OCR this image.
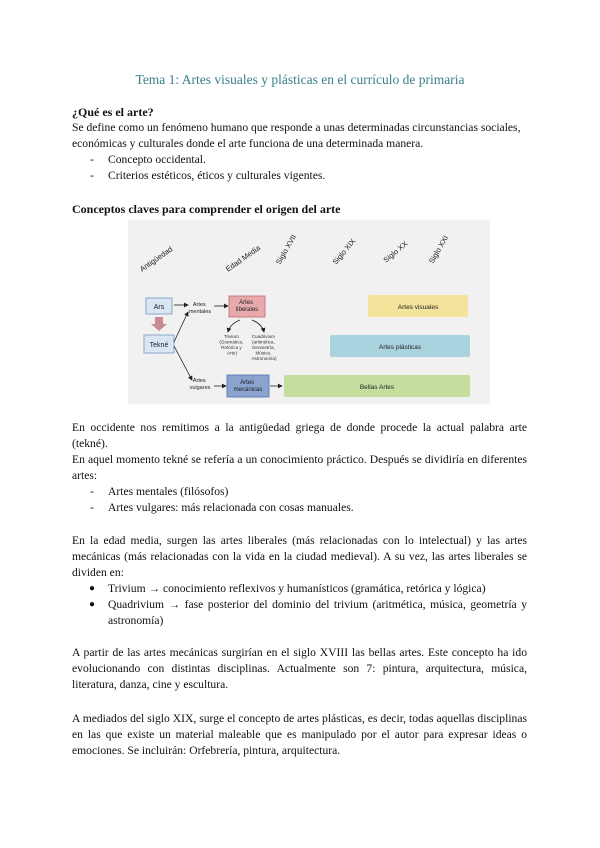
Tema 1: Artes visuales y plásticas en el currículo de primaria
¿Qué es el arte?
Se define como un fenómeno humano que responde a unas determinadas circunstancias sociales, económicas y culturales donde el arte funciona de una determinada manera.
- Concepto occidental.
- Criterios estéticos, éticos y culturales vigentes.
Conceptos claves para comprender el origen del arte
Antigüedad	Edad Media Siglo XVII	Siglo XIX	Siglo XX Siglo XXI
Ars
Tekné
Artes mentales
Artes liberales
Trivium (Gramática, Retórica y Arte)
Cuadrivium (aritmética, Geometría, Música, Astronomía)
Artes vulgares
Artes mecánicas
Artes visuales
Artes plásticas
Bellas Artes
En occidente nos remitimos a la antigüedad griega de donde procede la actual palabra arte (tekné).
En aquel momento tekné se refería a un conocimiento práctico. Después se dividiría en diferentes artes:
- Artes mentales (filósofos)
- Artes vulgares: más relacionada con cosas manuales.
En la edad media, surgen las artes liberales (más relacionadas con lo intelectual) y las artes mecánicas (más relacionadas con la vida en la ciudad medieval). A su vez, las artes liberales se dividen en:
● Trivium → conocimiento reflexivos y humanísticos (gramática, retórica y lógica)
● Quadrivium → fase posterior del dominio del trivium (aritmética, música, geometría y astronomía)
A partir de las artes mecánicas surgirían en el siglo XVIII las bellas artes. Este concepto ha ido evolucionando con distintas disciplinas. Actualmente son 7: pintura, arquitectura, música, literatura, danza, cine y escultura.
A mediados del siglo XIX, surge el concepto de artes plásticas, es decir, todas aquellas disciplinas en las que existe un material maleable que es manipulado por el autor para expresar ideas o emociones. Se incluirán: Orfebrería, pintura, arquitectura.
